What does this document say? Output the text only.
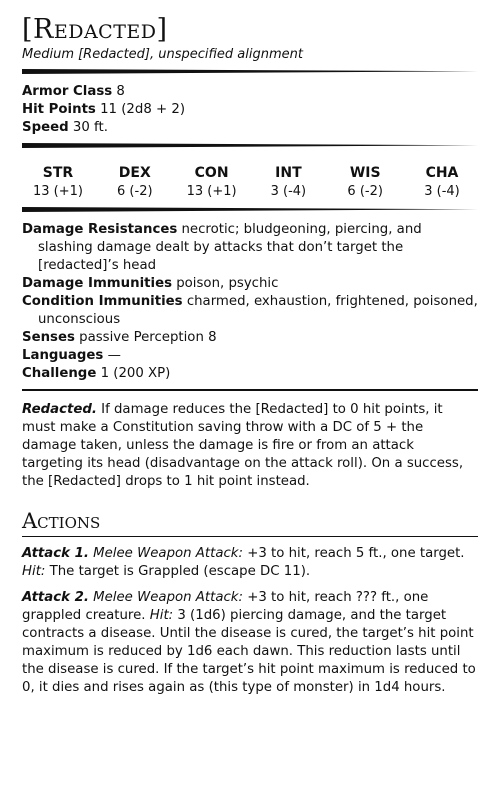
[Redacted]
Medium [Redacted], unspecified alignment

Armor Class 8

Hit Points 11 (2d8 + 2)

Speed 30 ft.

STR
13 (+1)
DEX
6 (-2)
CON
13 (+1)
INT
3 (-4)
WIS
6 (-2)
CHA
3 (-4)

Damage Resistances necrotic; bludgeoning, piercing, and slashing damage dealt by attacks that don’t target the [redacted]’s head

Damage Immunities poison, psychic

Condition Immunities charmed, exhaustion, frightened, poisoned, unconscious

Senses passive Perception 8

Languages —

Challenge 1 (200 XP)

Redacted. If damage reduces the [Redacted] to 0 hit points, it must make a Constitution saving throw with a DC of 5 + the damage taken, unless the damage is fire or from an attack targeting its head (disadvantage on the attack roll). On a success, the [Redacted] drops to 1 hit point instead.

Actions

Attack 1. Melee Weapon Attack: +3 to hit, reach 5 ft., one target. Hit: The target is Grappled (escape DC 11).

Attack 2. Melee Weapon Attack: +3 to hit, reach ??? ft., one grappled creature. Hit: 3 (1d6) piercing damage, and the target contracts a disease. Until the disease is cured, the target’s hit point maximum is reduced by 1d6 each dawn. This reduction lasts until the disease is cured. If the target’s hit point maximum is reduced to 0, it dies and rises again as (this type of monster) in 1d4 hours.
